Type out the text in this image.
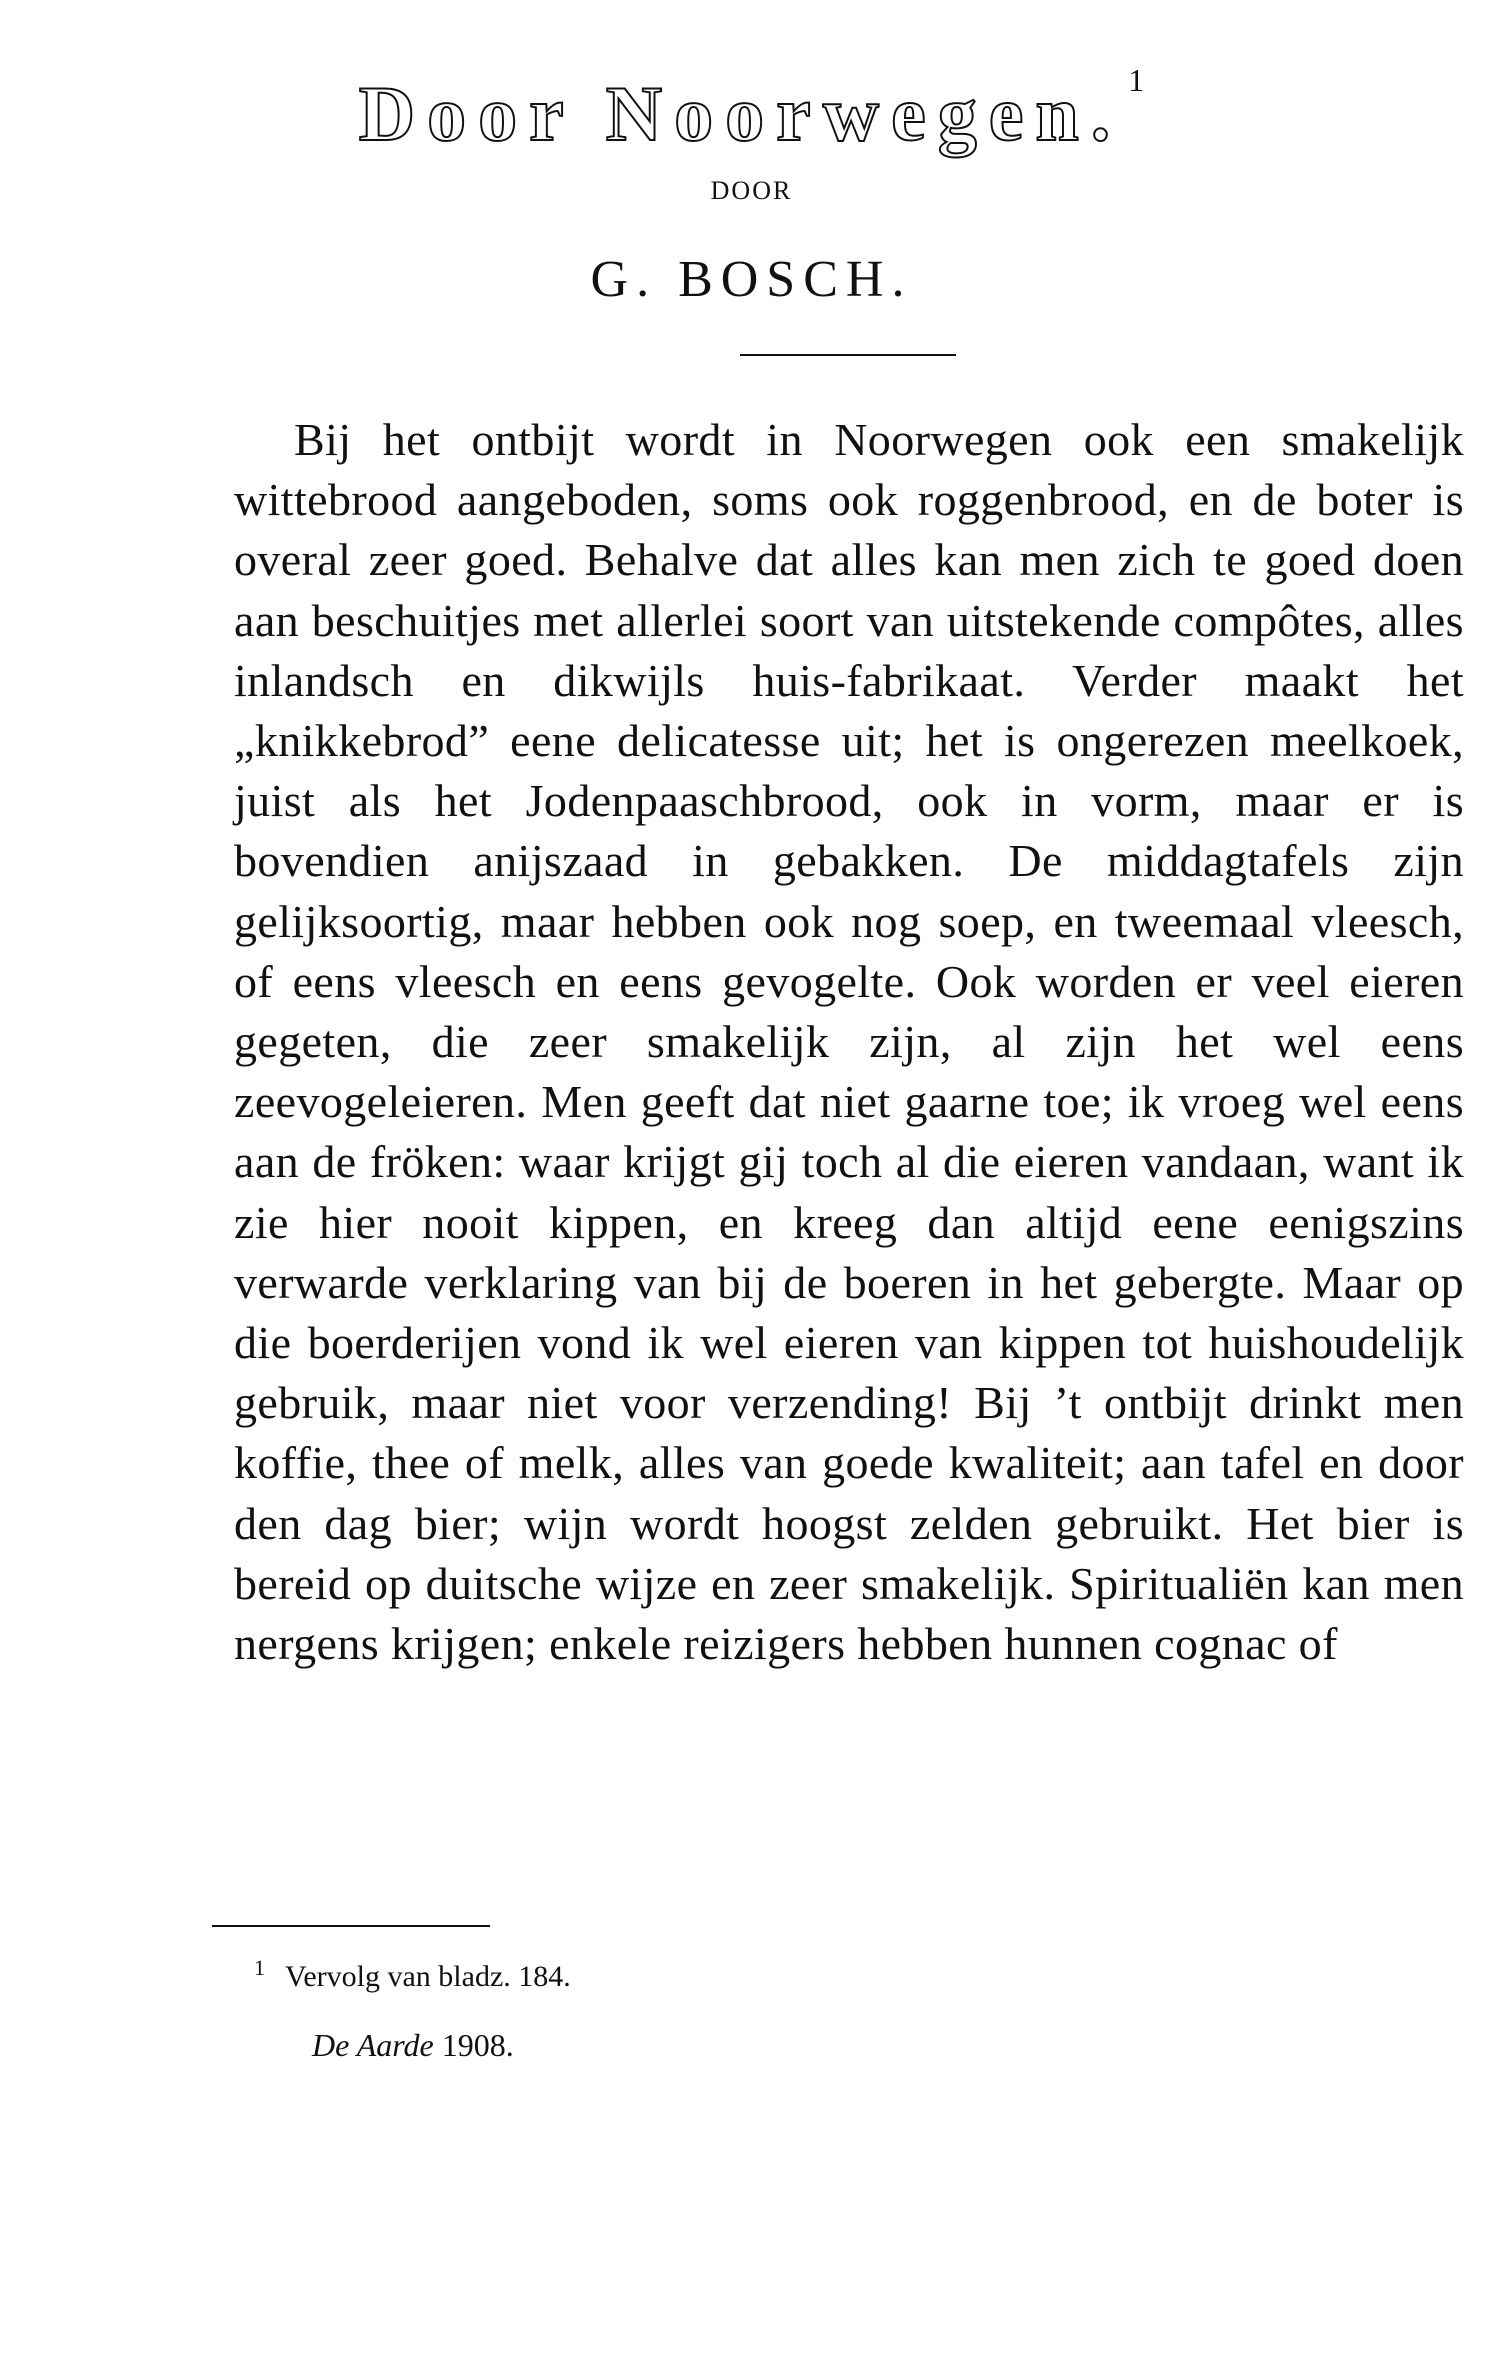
Door Noorwegen. $^1$
DOOR
G. BOSCH.
Bij het ontbijt wordt in Noorwegen ook een smakelijk wittebrood aangeboden, soms ook roggenbrood, en de boter is overal zeer goed. Behalve dat alles kan men zich te goed doen aan beschuitjes met allerlei soort van uitstekende compôtes, alles inlandsch en dikwijls huis-fabrikaat. Verder maakt het „knikkebrod” eene delicatesse uit; het is ongerezen meelkoek, juist als het Jodenpaaschbrood, ook in vorm, maar er is bovendien anijszaad in gebakken. De middagtafels zijn gelijksoortig, maar hebben ook nog soep, en tweemaal vleesch, of eens vleesch en eens gevogelte. Ook worden er veel eieren gegeten, die zeer smakelijk zijn, al zijn het wel eens zeevogeleieren. Men geeft dat niet gaarne toe; ik vroeg wel eens aan de fröken: waar krijgt gij toch al die eieren vandaan, want ik zie hier nooit kippen, en kreeg dan altijd eene eenigszins verwarde verklaring van bij de boeren in het gebergte. Maar op die boerderijen vond ik wel eieren van kippen tot huishoudelijk gebruik, maar niet voor verzending! Bij ’t ontbijt drinkt men koffie, thee of melk, alles van goede kwaliteit; aan tafel en door den dag bier; wijn wordt hoogst zelden gebruikt. Het bier is bereid op duitsche wijze en zeer smakelijk. Spiritualiën kan men nergens krijgen; enkele reizigers hebben hunnen cognac of
$^1$ Vervolg van bladz. 184.
De Aarde 1908.
